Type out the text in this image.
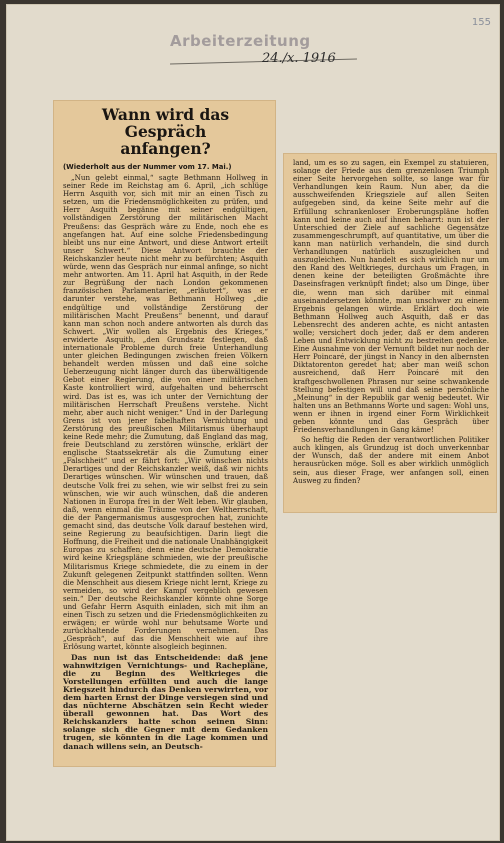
155
Arbeiterzeitung
24./x. 1916
Wann wird das Gespräch
anfangen?
(Wiederholt aus der Nummer vom 17. Mai.)

„Nun gelebt einmal,“ sagte Bethmann Hollweg in seiner Rede im Reichstag am 6. April, „ich schlüge Herrn Asquith vor, sich mit mir an einen Tisch zu setzen, um die Friedensmöglichkeiten zu prüfen, und Herr Asquith begänne mit seiner endgültigen, vollständigen Zerstörung der militärischen Macht Preußens: das Gespräch wäre zu Ende, noch ehe es angefangen hat. Auf eine solche Friedensbedingung bleibt uns nur eine Antwort, und diese Antwort erteilt unser Schwert.“ Diese Antwort brauchte der Reichskanzler heute nicht mehr zu befürchten; Asquith würde, wenn das Gespräch nur einmal anfinge, so nicht mehr antworten. Am 11. April hat Asquith, in der Rede zur Begrüßung der nach London gekommenen französischen Parlamentarier, „erläutert“, was er darunter verstehe, was Bethmann Hollweg „die endgültige und vollständige Zerstörung der militärischen Macht Preußens“ benennt, und darauf kann man schon noch andere antworten als durch das Schwert. „Wir wollen als Ergebnis des Krieges,“ erwiderte Asquith, „den Grundsatz festlegen, daß internationale Probleme durch freie Unterhandlung unter gleichen Bedingungen zwischen freien Völkern behandelt werden müssen und daß eine solche Ueberzeugung nicht länger durch das überwältigende Gebot einer Regierung, die von einer militärischen Kaste kontrolliert wird, aufgehalten und beherrscht wird. Das ist es, was ich unter der Vernichtung der militärischen Herrschaft Preußens verstehe. Nicht mehr, aber auch nicht weniger.“ Und in der Darlegung Grens ist von jener fabelhaften Vernichtung und Zerstörung des preußischen Militarismus überhaupt keine Rede mehr; die Zumutung, daß England das mag, freie Deutschland zu zerstören wünsche, erklärt der englische Staatssekretär als die Zumutung einer „Falschheit“ und er fährt fort: „Wir wünschen nichts Derartiges und der Reichskanzler weiß, daß wir nichts Derartiges wünschen. Wir wünschen und trauen, daß deutsche Volk frei zu sehen, wie wir selbst frei zu sein wünschen, wie wir auch wünschen, daß die anderen Nationen in Europa frei in der Welt leben. Wir glauben, daß, wenn einmal die Träume von der Weltherrschaft, die der Pangermanismus ausgesprochen hat, zunichte gemacht sind, das deutsche Volk darauf bestehen wird, seine Regierung zu beaufsichtigen. Darin liegt die Hoffnung, die Freiheit und die nationale Unabhängigkeit Europas zu schaffen; denn eine deutsche Demokratie wird keine Kriegspläne schmieden, wie der preußische Militarismus Kriege schmiedete, die zu einem in der Zukunft gelegenen Zeitpunkt stattfinden sollten. Wenn die Menschheit aus diesem Kriege nicht lernt, Kriege zu vermeiden, so wird der Kampf vergeblich gewesen sein.“ Der deutsche Reichskanzler könnte ohne Sorge und Gefahr Herrn Asquith einladen, sich mit ihm an einen Tisch zu setzen und die Friedensmöglichkeiten zu erwägen; er würde wohl nur behutsame Worte und zurückhaltende Forderungen vernehmen. Das „Gespräch“, auf das die Menschheit wie auf ihre Erlösung wartet, könnte alsogleich beginnen.

Das nun ist das Entscheidende: daß jene wahnwitzigen Vernichtungs- und Rachepläne, die zu Beginn des Weltkrieges die Vorstellungen erfüllten und auch die lange Kriegszeit hindurch das Denken verwirrten, vor dem harten Ernst der Dinge versiegen sind und das nüchterne Abschätzen sein Recht wieder überall gewonnen hat. Das Wort des Reichskanzlers hatte schon seinen Sinn: solange sich die Gegner mit dem Gedanken trugen, sie könnten in die Lage kommen und danach willens sein, an Deutsch-

land, um es so zu sagen, ein Exempel zu statuieren, solange der Friede aus dem grenzenlosen Triumph einer Seite hervorgehen sollte, so lange war für Verhandlungen kein Raum. Nun aber, da die ausschweifenden Kriegsziele auf allen Seiten aufgegeben sind, da keine Seite mehr auf die Erfüllung schrankenloser Eroberungspläne hoffen kann und keine auch auf ihnen beharrt: nun ist der Unterschied der Ziele auf sachliche Gegensätze zusammengeschrumpft, auf quantitative, um über die kann man natürlich verhandeln, die sind durch Verhandlungen natürlich auszugleichen und auszugleichen. Nun handelt es sich wirklich nur um den Rand des Weltkrieges, durchaus um Fragen, in denen keine der beteiligten Großmächte ihre Daseinsfragen verknüpft findet; also um Dinge, über die, wenn man sich darüber mit einmal auseinandersetzen könnte, man unschwer zu einem Ergebnis gelangen würde. Erklärt doch wie Bethmann Hollweg auch Asquith, daß er das Lebensrecht des anderen achte, es nicht antasten wolle; versichert doch jeder, daß er dem anderen Leben und Entwicklung nicht zu bestreiten gedenke. Eine Ausnahme von der Vernunft bildet nur noch der Herr Poincaré, der jüngst in Nancy in den albernsten Diktatorenton geredet hat; aber man weiß schon ausreichend, daß Herr Poincaré mit den kraftgeschwollenen Phrasen nur seine schwankende Stellung befestigen will und daß seine persönliche „Meinung“ in der Republik gar wenig bedeutet. Wir halten uns an Bethmanns Worte und sagen: Wohl uns, wenn er ihnen in irgend einer Form Wirklichkeit geben könnte und das Gespräch über Friedensverhandlungen in Gang käme!

So heftig die Reden der verantwortlichen Politiker auch klingen, als Grundzug ist doch unverkennbar der Wunsch, daß der andere mit einem Anbot herausrücken möge. Soll es aber wirklich unmöglich sein, aus dieser Frage, wer anfangen soll, einen Ausweg zu finden?
